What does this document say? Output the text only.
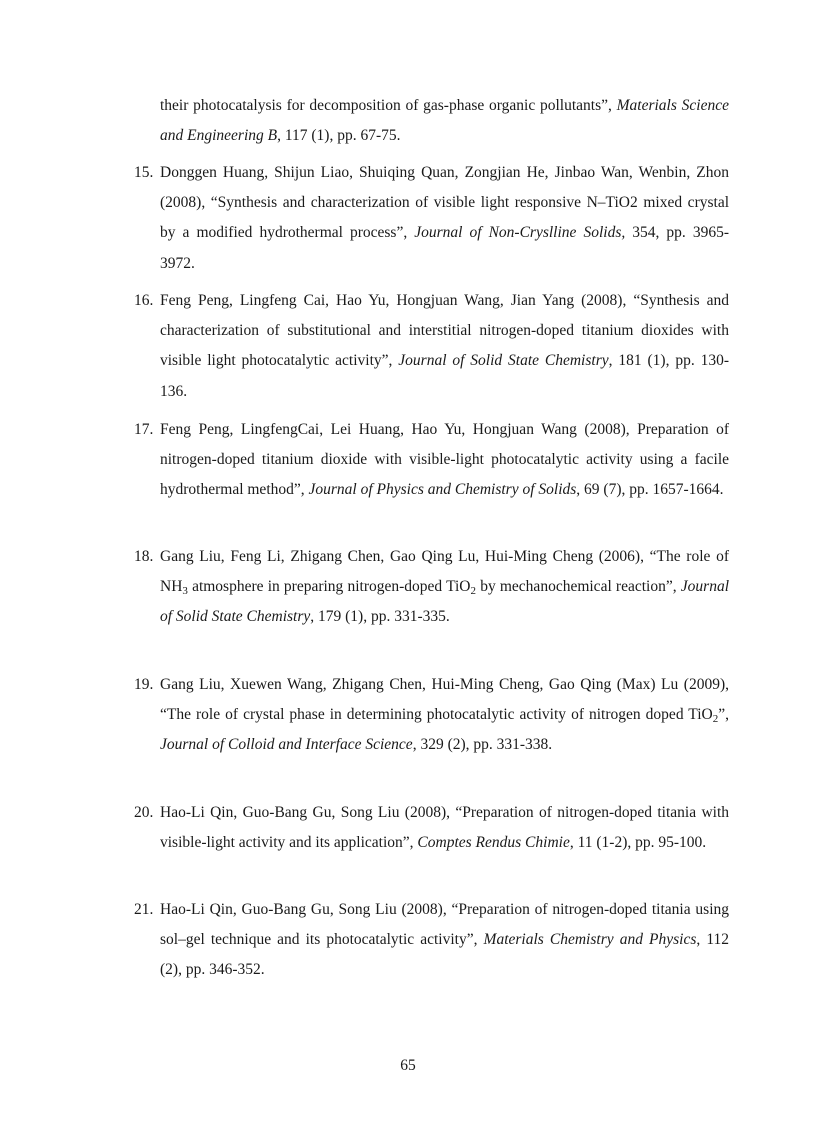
their photocatalysis for decomposition of gas-phase organic pollutants”, Materials Science and Engineering B, 117 (1), pp. 67-75.
15. Donggen Huang, Shijun Liao, Shuiqing Quan, Zongjian He, Jinbao Wan, Wenbin, Zhon (2008), “Synthesis and characterization of visible light responsive N–TiO2 mixed crystal by a modified hydrothermal process”, Journal of Non-Cryslline Solids, 354, pp. 3965-3972.
16. Feng Peng, Lingfeng Cai, Hao Yu, Hongjuan Wang, Jian Yang (2008), “Synthesis and characterization of substitutional and interstitial nitrogen-doped titanium dioxides with visible light photocatalytic activity”, Journal of Solid State Chemistry, 181 (1), pp. 130-136.
17. Feng Peng, LingfengCai, Lei Huang, Hao Yu, Hongjuan Wang (2008), Preparation of nitrogen-doped titanium dioxide with visible-light photocatalytic activity using a facile hydrothermal method”, Journal of Physics and Chemistry of Solids, 69 (7), pp. 1657-1664.
18. Gang Liu, Feng Li, Zhigang Chen, Gao Qing Lu, Hui-Ming Cheng (2006), “The role of $NH_3$ atmosphere in preparing nitrogen-doped TiO$_2$ by mechanochemical reaction”, Journal of Solid State Chemistry, 179 (1), pp. 331-335.
19. Gang Liu, Xuewen Wang, Zhigang Chen, Hui-Ming Cheng, Gao Qing (Max) Lu (2009), “The role of crystal phase in determining photocatalytic activity of nitrogen doped TiO$_2$”, Journal of Colloid and Interface Science, 329 (2), pp. 331-338.
20. Hao-Li Qin, Guo-Bang Gu, Song Liu (2008), “Preparation of nitrogen-doped titania with visible-light activity and its application”, Comptes Rendus Chimie, 11 (1-2), pp. 95-100.
21. Hao-Li Qin, Guo-Bang Gu, Song Liu (2008), “Preparation of nitrogen-doped titania using sol–gel technique and its photocatalytic activity”, Materials Chemistry and Physics, 112 (2), pp. 346-352.
65
